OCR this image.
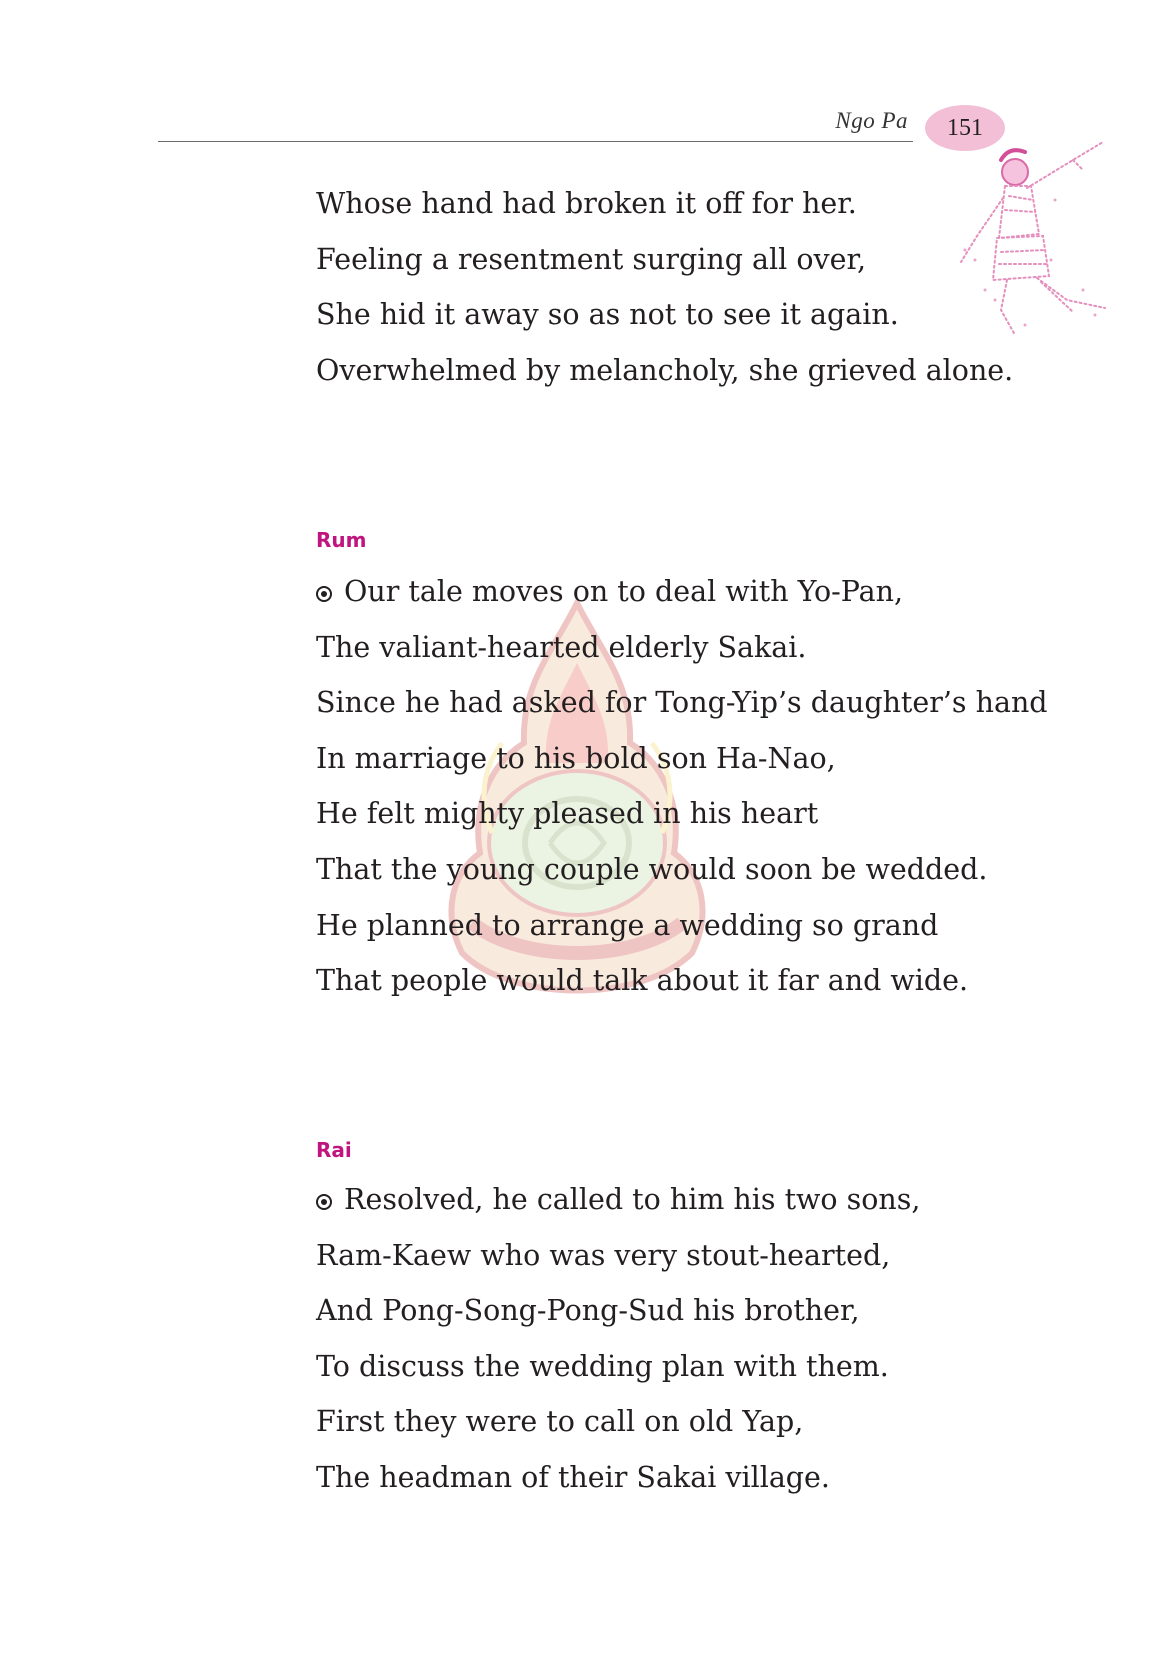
Ngo Pa 151
Whose hand had broken it off for her.
Feeling a resentment surging all over,
She hid it away so as not to see it again.
Overwhelmed by melancholy, she grieved alone.
Rum
Our tale moves on to deal with Yo-Pan,
The valiant-hearted elderly Sakai.
Since he had asked for Tong-Yip’s daughter’s hand
In marriage to his bold son Ha-Nao,
He felt mighty pleased in his heart
That the young couple would soon be wedded.
He planned to arrange a wedding so grand
That people would talk about it far and wide.
Rai
Resolved, he called to him his two sons,
Ram-Kaew who was very stout-hearted,
And Pong-Song-Pong-Sud his brother,
To discuss the wedding plan with them.
First they were to call on old Yap,
The headman of their Sakai village.
